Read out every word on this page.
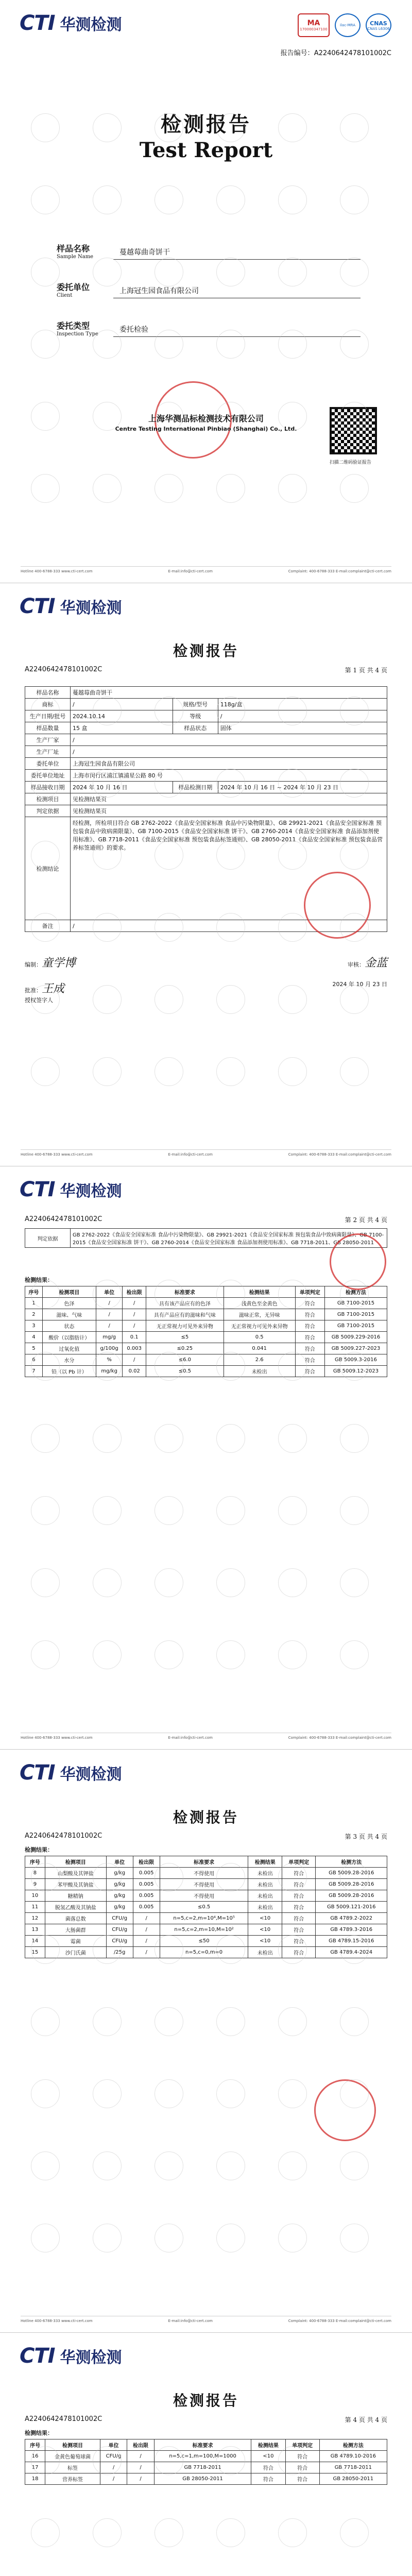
CTI 华测检测	MA
170000347100
ilac-MRA	CNAS
CNAS L6306
报告编号：A2240642478101002C
检测报告
Test Report
样品名称
Sample Name
蔓越莓曲奇饼干
委托单位
Client
上海冠生园食品有限公司
委托类型
Inspection Type
委托检验
上海华测品标检测技术有限公司
Centre Testing International Pinbiao (Shanghai) Co., Ltd.
扫描二维码验证报告
Hotline 400-6788-333 www.cti-cert.com	E-mail:info@cti-cert.com	Complaint: 400-6788-333 E-mail:complaint@cti-cert.com
CTI 华测检测
检测报告
A2240642478101002C	第 1 页 共 4 页
样品名称	蔓越莓曲奇饼干		
商标	/	规格/型号	118g/盒
生产日期/批号	2024.10.14	等级	/
样品数量	15 盒	样品状态	固体
生产厂家	/		
生产厂址	/		
委托单位	上海冠生园食品有限公司		
委托单位地址	上海市闵行区浦江镇浦星公路 80 号		
样品接收日期	2024 年 10 月 16 日	样品检测日期	2024 年 10 月 16 日 ~ 2024 年 10 月 23 日
检测项目	见检测结果页		
判定依据	见检测结果页		
检测结论	经检测，所检项目符合 GB 2762-2022《食品安全国家标准 食品中污染物限量》、GB 29921-2021《食品安全国家标准 预包装食品中致病菌限量》、GB 7100-2015《食品安全国家标准 饼干》、GB 2760-2014《食品安全国家标准 食品添加剂使用标准》、GB 7718-2011《食品安全国家标准 预包装食品标签通则》、GB 28050-2011《食品安全国家标准 预包装食品营养标签通则》的要求。		
备注	/		
编制：童学博	审核：金蓝
批准：王成
授权签字人
2024 年 10 月 23 日
Hotline 400-6788-333 www.cti-cert.com	E-mail:info@cti-cert.com	Complaint: 400-6788-333 E-mail:complaint@cti-cert.com
CTI 华测检测
A2240642478101002C	第 2 页 共 4 页
判定依据	GB 2762-2022《食品安全国家标准 食品中污染物限量》、GB 29921-2021《食品安全国家标准 预包装食品中致病菌限量》、GB 7100-2015《食品安全国家标准 饼干》、GB 2760-2014《食品安全国家标准 食品添加剂使用标准》、GB 7718-2011、GB 28050-2011
检测结果：
序号	检测项目	单位	检出限	标准要求	检测结果	单项判定	检测方法
1	色泽	/	/	具有该产品应有的色泽	浅黄色至金黄色	符合	GB 7100-2015
2	滋味、气味	/	/	具有产品应有的滋味和气味	滋味正常，无异味	符合	GB 7100-2015
3	状态	/	/	无正常视力可见外来异物	无正常视力可见外来异物	符合	GB 7100-2015
4	酸价（以脂肪计）	mg/g	0.1	≤5	0.5	符合	GB 5009.229-2016
5	过氧化值	g/100g	0.003	≤0.25	0.041	符合	GB 5009.227-2023
6	水分	%	/	≤6.0	2.6	符合	GB 5009.3-2016
7	铅（以 Pb 计）	mg/kg	0.02	≤0.5	未检出	符合	GB 5009.12-2023
Hotline 400-6788-333 www.cti-cert.com	E-mail:info@cti-cert.com	Complaint: 400-6788-333 E-mail:complaint@cti-cert.com
CTI 华测检测
检测报告
A2240642478101002C	第 3 页 共 4 页
检测结果：
序号	检测项目	单位	检出限	标准要求	检测结果	单项判定	检测方法
8	山梨酸及其钾盐	g/kg	0.005	不得使用	未检出	符合	GB 5009.28-2016
9	苯甲酸及其钠盐	g/kg	0.005	不得使用	未检出	符合	GB 5009.28-2016
10	糖精钠	g/kg	0.005	不得使用	未检出	符合	GB 5009.28-2016
11	脱氢乙酸及其钠盐	g/kg	0.005	≤0.5	未检出	符合	GB 5009.121-2016
12	菌落总数	CFU/g	/	n=5,c=2,m=10⁴,M=10⁵	<10	符合	GB 4789.2-2022
13	大肠菌群	CFU/g	/	n=5,c=2,m=10,M=10²	<10	符合	GB 4789.3-2016
14	霉菌	CFU/g	/	≤50	<10	符合	GB 4789.15-2016
15	沙门氏菌	/25g	/	n=5,c=0,m=0	未检出	符合	GB 4789.4-2024
Hotline 400-6788-333 www.cti-cert.com	E-mail:info@cti-cert.com	Complaint: 400-6788-333 E-mail:complaint@cti-cert.com
CTI 华测检测
检测报告
A2240642478101002C	第 4 页 共 4 页
检测结果：
序号	检测项目	单位	检出限	标准要求	检测结果	单项判定	检测方法
16	金黄色葡萄球菌	CFU/g	/	n=5,c=1,m=100,M=1000	<10	符合	GB 4789.10-2016
17	标签	/	/	GB 7718-2011	符合	符合	GB 7718-2011
18	营养标签	/	/	GB 28050-2011	符合	符合	GB 28050-2011
